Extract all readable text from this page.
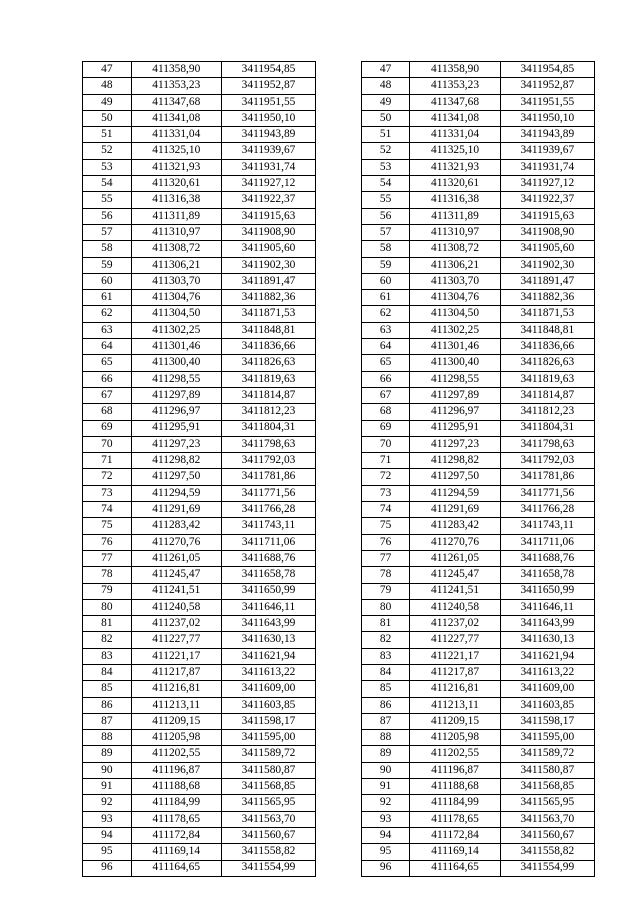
47	411358,90	3411954,85		47	411358,90	3411954,85
48	411353,23	3411952,87		48	411353,23	3411952,87
49	411347,68	3411951,55		49	411347,68	3411951,55
50	411341,08	3411950,10		50	411341,08	3411950,10
51	411331,04	3411943,89		51	411331,04	3411943,89
52	411325,10	3411939,67		52	411325,10	3411939,67
53	411321,93	3411931,74		53	411321,93	3411931,74
54	411320,61	3411927,12		54	411320,61	3411927,12
55	411316,38	3411922,37		55	411316,38	3411922,37
56	411311,89	3411915,63		56	411311,89	3411915,63
57	411310,97	3411908,90		57	411310,97	3411908,90
58	411308,72	3411905,60		58	411308,72	3411905,60
59	411306,21	3411902,30		59	411306,21	3411902,30
60	411303,70	3411891,47		60	411303,70	3411891,47
61	411304,76	3411882,36		61	411304,76	3411882,36
62	411304,50	3411871,53		62	411304,50	3411871,53
63	411302,25	3411848,81		63	411302,25	3411848,81
64	411301,46	3411836,66		64	411301,46	3411836,66
65	411300,40	3411826,63		65	411300,40	3411826,63
66	411298,55	3411819,63		66	411298,55	3411819,63
67	411297,89	3411814,87		67	411297,89	3411814,87
68	411296,97	3411812,23		68	411296,97	3411812,23
69	411295,91	3411804,31		69	411295,91	3411804,31
70	411297,23	3411798,63		70	411297,23	3411798,63
71	411298,82	3411792,03		71	411298,82	3411792,03
72	411297,50	3411781,86		72	411297,50	3411781,86
73	411294,59	3411771,56		73	411294,59	3411771,56
74	411291,69	3411766,28		74	411291,69	3411766,28
75	411283,42	3411743,11		75	411283,42	3411743,11
76	411270,76	3411711,06		76	411270,76	3411711,06
77	411261,05	3411688,76		77	411261,05	3411688,76
78	411245,47	3411658,78		78	411245,47	3411658,78
79	411241,51	3411650,99		79	411241,51	3411650,99
80	411240,58	3411646,11		80	411240,58	3411646,11
81	411237,02	3411643,99		81	411237,02	3411643,99
82	411227,77	3411630,13		82	411227,77	3411630,13
83	411221,17	3411621,94		83	411221,17	3411621,94
84	411217,87	3411613,22		84	411217,87	3411613,22
85	411216,81	3411609,00		85	411216,81	3411609,00
86	411213,11	3411603,85		86	411213,11	3411603,85
87	411209,15	3411598,17		87	411209,15	3411598,17
88	411205,98	3411595,00		88	411205,98	3411595,00
89	411202,55	3411589,72		89	411202,55	3411589,72
90	411196,87	3411580,87		90	411196,87	3411580,87
91	411188,68	3411568,85		91	411188,68	3411568,85
92	411184,99	3411565,95		92	411184,99	3411565,95
93	411178,65	3411563,70		93	411178,65	3411563,70
94	411172,84	3411560,67		94	411172,84	3411560,67
95	411169,14	3411558,82		95	411169,14	3411558,82
96	411164,65	3411554,99		96	411164,65	3411554,99
